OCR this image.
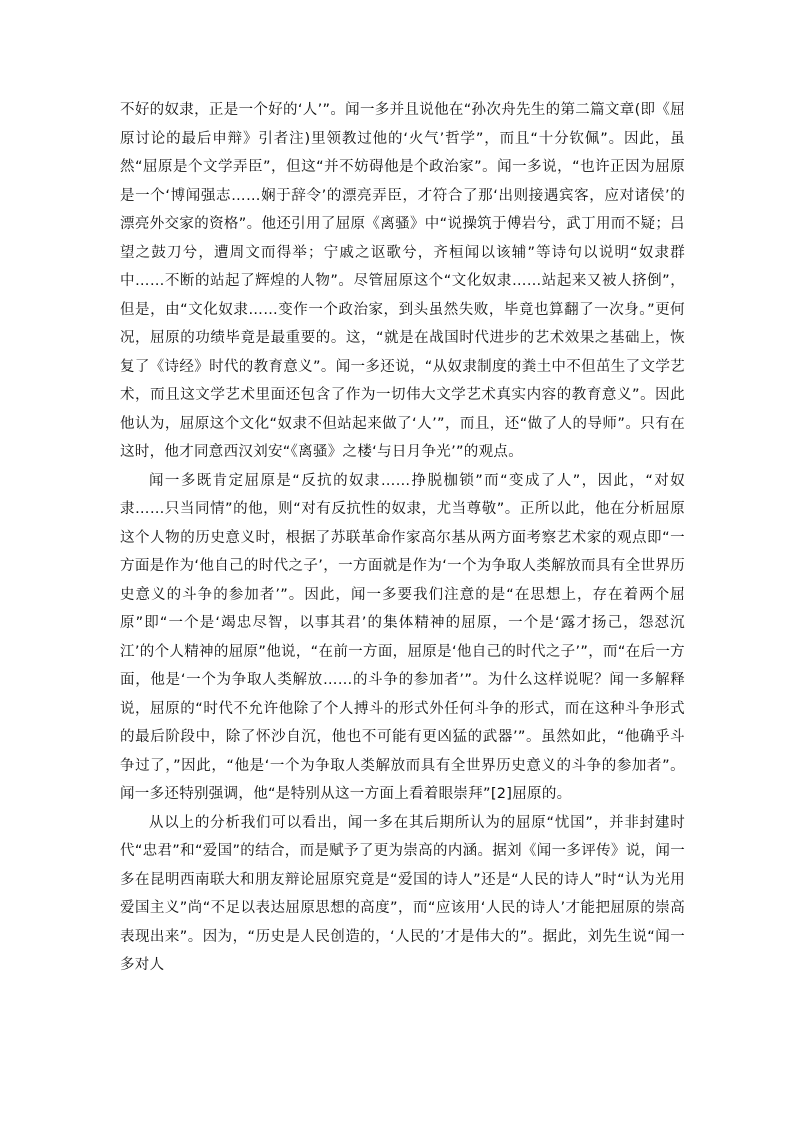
不好的奴隶，正是一个好的‘人’”。闻一多并且说他在“孙次舟先生的第二篇文章(即《屈原讨论的最后申辩》引者注)里领教过他的‘火气’哲学”，而且“十分钦佩”。因此，虽然“屈原是个文学弄臣”，但这“并不妨碍他是个政治家”。闻一多说，“也许正因为屈原是一个‘博闻强志……娴于辞令’的漂亮弄臣，才符合了那‘出则接遇宾客，应对诸侯’的漂亮外交家的资格”。他还引用了屈原《离骚》中“说操筑于傅岩兮，武丁用而不疑；吕望之鼓刀兮，遭周文而得举；宁戚之讴歌兮，齐桓闻以该辅”等诗句以说明“奴隶群中……不断的站起了辉煌的人物”。尽管屈原这个“文化奴隶……站起来又被人挤倒”，但是，由“文化奴隶……变作一个政治家，到头虽然失败，毕竟也算翻了一次身。”更何况，屈原的功绩毕竟是最重要的。这，“就是在战国时代进步的艺术效果之基础上，恢复了《诗经》时代的教育意义”。闻一多还说，“从奴隶制度的粪土中不但茁生了文学艺术，而且这文学艺术里面还包含了作为一切伟大文学艺术真实内容的教育意义”。因此他认为，屈原这个文化“奴隶不但站起来做了‘人’”，而且，还“做了人的导师”。只有在这时，他才同意西汉刘安“《离骚》之楼‘与日月争光’”的观点。

闻一多既肯定屈原是“反抗的奴隶……挣脱枷锁”而“变成了人”，因此，“对奴隶……只当同情”的他，则“对有反抗性的奴隶，尤当尊敬”。正所以此，他在分析屈原这个人物的历史意义时，根据了苏联革命作家高尔基从两方面考察艺术家的观点即“一方面是作为‘他自己的时代之子’，一方面就是作为‘一个为争取人类解放而具有全世界历史意义的斗争的参加者’”。因此，闻一多要我们注意的是“在思想上，存在着两个屈原”即“一个是‘竭忠尽智，以事其君’的集体精神的屈原，一个是‘露才扬己，怨怼沉江’的个人精神的屈原”他说，“在前一方面，屈原是‘他自己的时代之子’”，而“在后一方面，他是‘一个为争取人类解放……的斗争的参加者’”。为什么这样说呢？闻一多解释说，屈原的“时代不允许他除了个人搏斗的形式外任何斗争的形式，而在这种斗争形式的最后阶段中，除了怀沙自沉，他也不可能有更凶猛的武器’”。虽然如此，“他确乎斗争过了，”因此，“他是‘一个为争取人类解放而具有全世界历史意义的斗争的参加者”。闻一多还特别强调，他“是特别从这一方面上看着眼崇拜”[2]屈原的。

从以上的分析我们可以看出，闻一多在其后期所认为的屈原“忧国”，并非封建时代“忠君”和“爱国”的结合，而是赋予了更为崇高的内涵。据刘《闻一多评传》说，闻一多在昆明西南联大和朋友辩论屈原究竟是“爱国的诗人”还是“人民的诗人”时“认为光用爱国主义”尚“不足以表达屈原思想的高度”，而“应该用‘人民的诗人’才能把屈原的崇高表现出来”。因为，“历史是人民创造的，‘人民的’才是伟大的”。据此，刘先生说“闻一多对人
